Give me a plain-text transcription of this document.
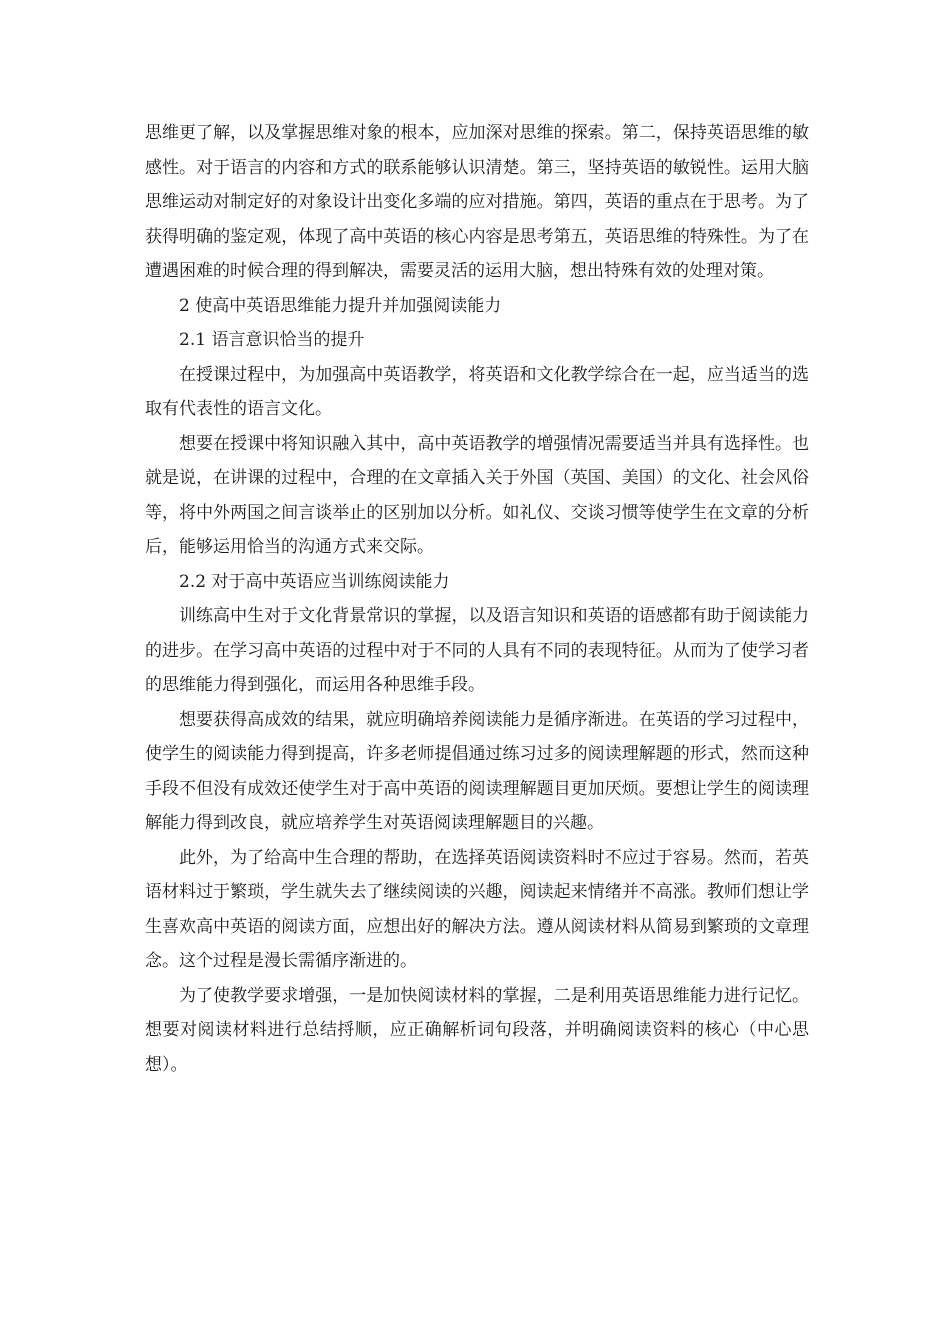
思维更了解，以及掌握思维对象的根本，应加深对思维的探索。第二，保持英语思维的敏感性。对于语言的内容和方式的联系能够认识清楚。第三，坚持英语的敏锐性。运用大脑思维运动对制定好的对象设计出变化多端的应对措施。第四，英语的重点在于思考。为了获得明确的鉴定观，体现了高中英语的核心内容是思考第五，英语思维的特殊性。为了在遭遇困难的时候合理的得到解决，需要灵活的运用大脑，想出特殊有效的处理对策。

2 使高中英语思维能力提升并加强阅读能力

2.1 语言意识恰当的提升

在授课过程中，为加强高中英语教学，将英语和文化教学综合在一起，应当适当的选取有代表性的语言文化。

想要在授课中将知识融入其中，高中英语教学的增强情况需要适当并具有选择性。也就是说，在讲课的过程中，合理的在文章插入关于外国（英国、美国）的文化、社会风俗等，将中外两国之间言谈举止的区别加以分析。如礼仪、交谈习惯等使学生在文章的分析后，能够运用恰当的沟通方式来交际。

2.2 对于高中英语应当训练阅读能力

训练高中生对于文化背景常识的掌握，以及语言知识和英语的语感都有助于阅读能力的进步。在学习高中英语的过程中对于不同的人具有不同的表现特征。从而为了使学习者的思维能力得到强化，而运用各种思维手段。

想要获得高成效的结果，就应明确培养阅读能力是循序渐进。在英语的学习过程中，使学生的阅读能力得到提高，许多老师提倡通过练习过多的阅读理解题的形式，然而这种手段不但没有成效还使学生对于高中英语的阅读理解题目更加厌烦。要想让学生的阅读理解能力得到改良，就应培养学生对英语阅读理解题目的兴趣。

此外，为了给高中生合理的帮助，在选择英语阅读资料时不应过于容易。然而，若英语材料过于繁琐，学生就失去了继续阅读的兴趣，阅读起来情绪并不高涨。教师们想让学生喜欢高中英语的阅读方面，应想出好的解决方法。遵从阅读材料从简易到繁琐的文章理念。这个过程是漫长需循序渐进的。

为了使教学要求增强，一是加快阅读材料的掌握，二是利用英语思维能力进行记忆。想要对阅读材料进行总结捋顺，应正确解析词句段落，并明确阅读资料的核心（中心思想）。
